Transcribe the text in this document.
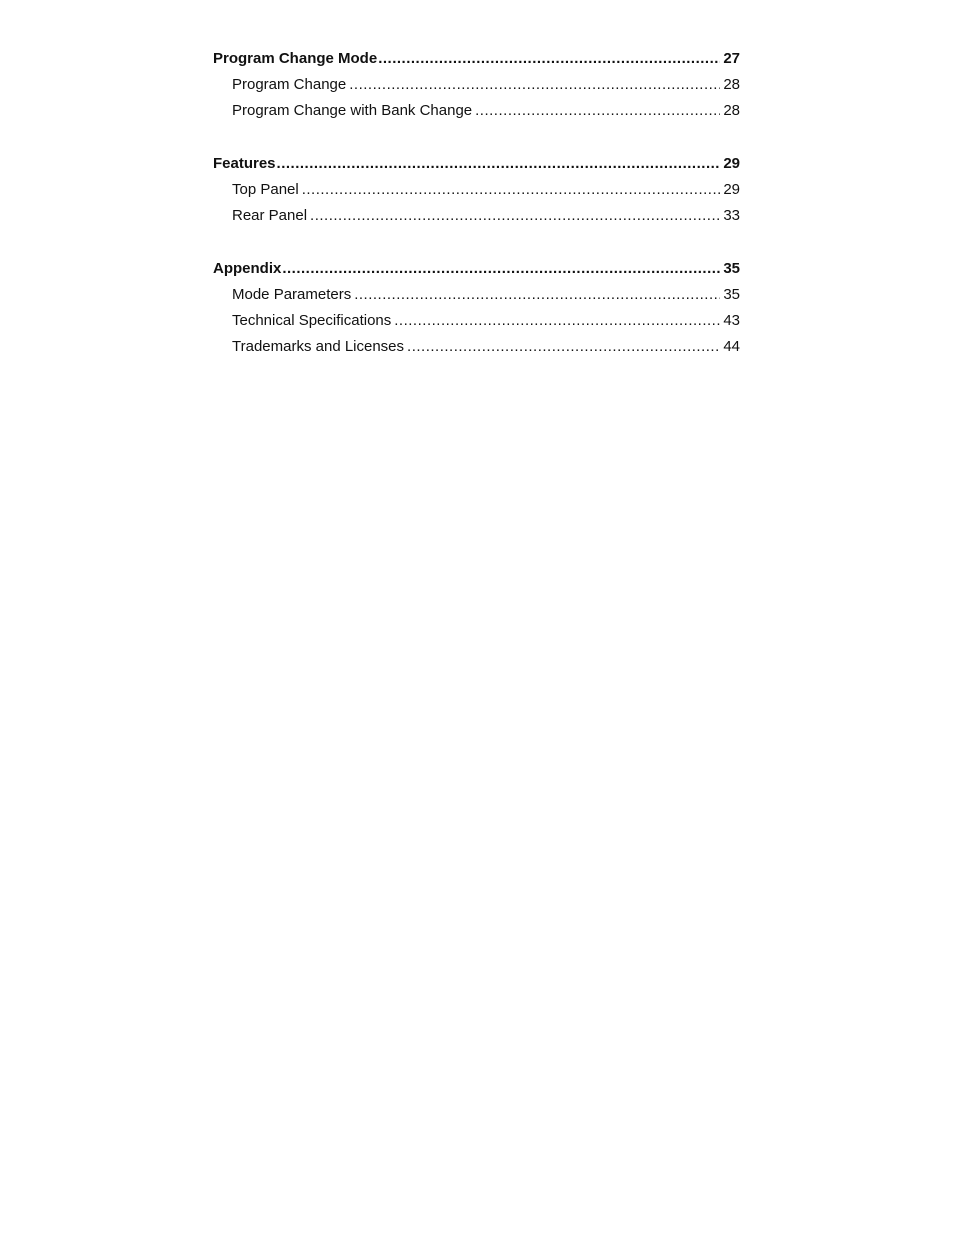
Program Change Mode .....	27
Program Change .....	28
Program Change with Bank Change .....	28
Features .....	29
Top Panel .....	29
Rear Panel .....	33
Appendix .....	35
Mode Parameters .....	35
Technical Specifications .....	43
Trademarks and Licenses .....	44
